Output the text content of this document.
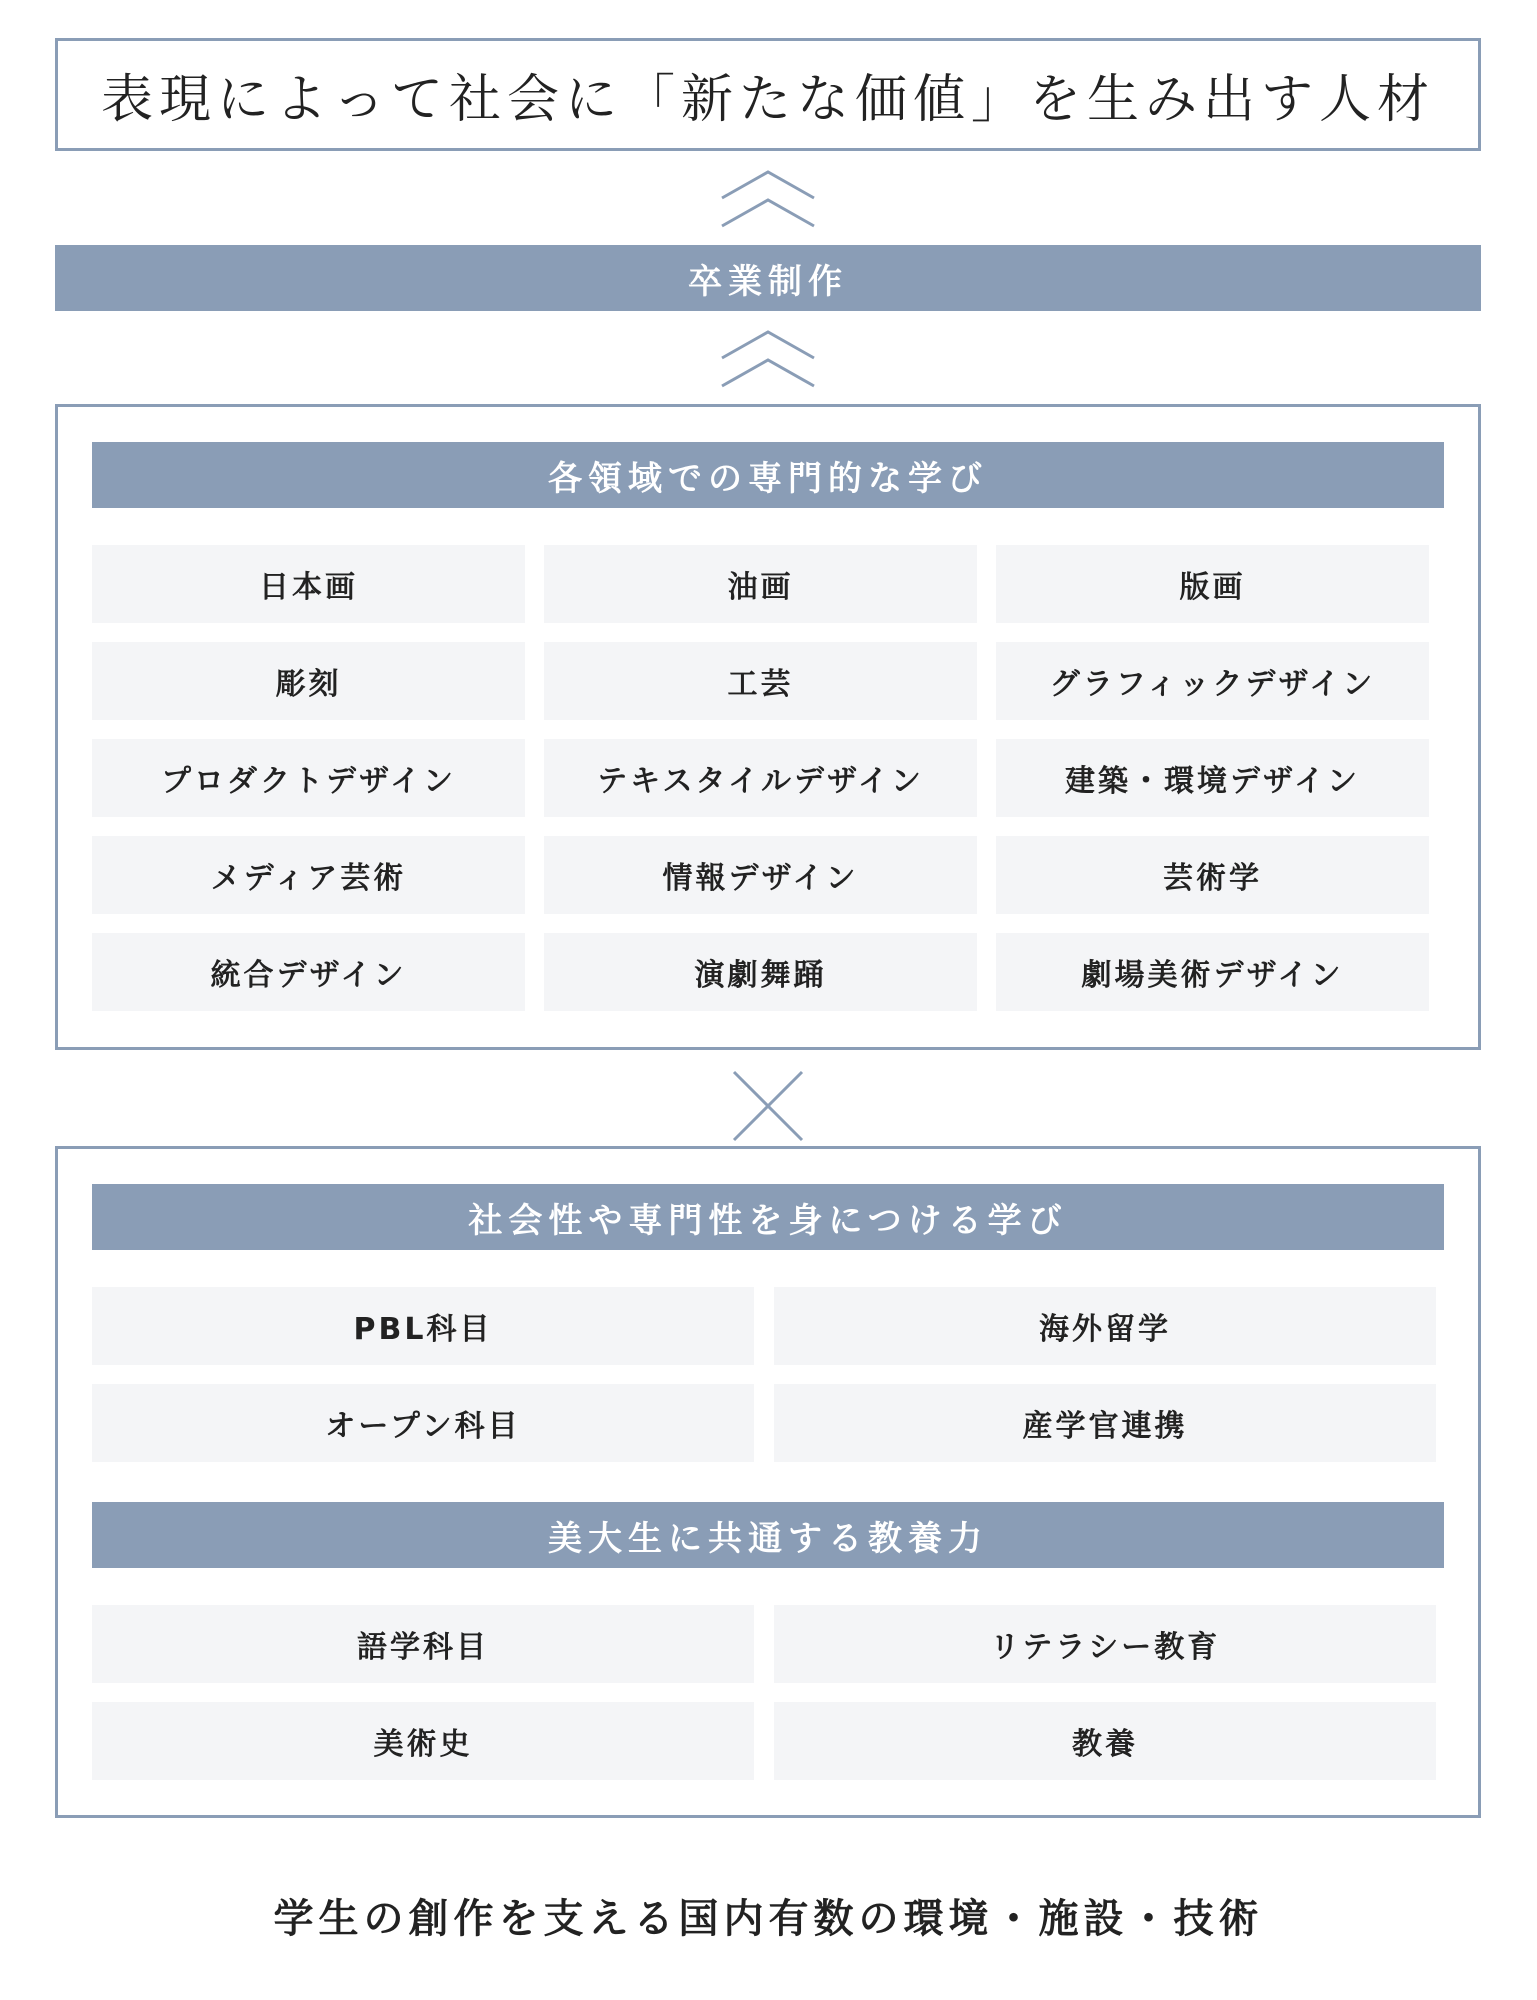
表現によって社会に「新たな価値」を生み出す人材
卒業制作
各領域での専門的な学び
日本画	油画	版画
彫刻	工芸	グラフィックデザイン
プロダクトデザイン	テキスタイルデザイン	建築・環境デザイン
メディア芸術	情報デザイン	芸術学
統合デザイン	演劇舞踊	劇場美術デザイン
社会性や専門性を身につける学び
PBL科目	海外留学
オープン科目	産学官連携
美大生に共通する教養力
語学科目	リテラシー教育
美術史	教養
学生の創作を支える国内有数の環境・施設・技術
